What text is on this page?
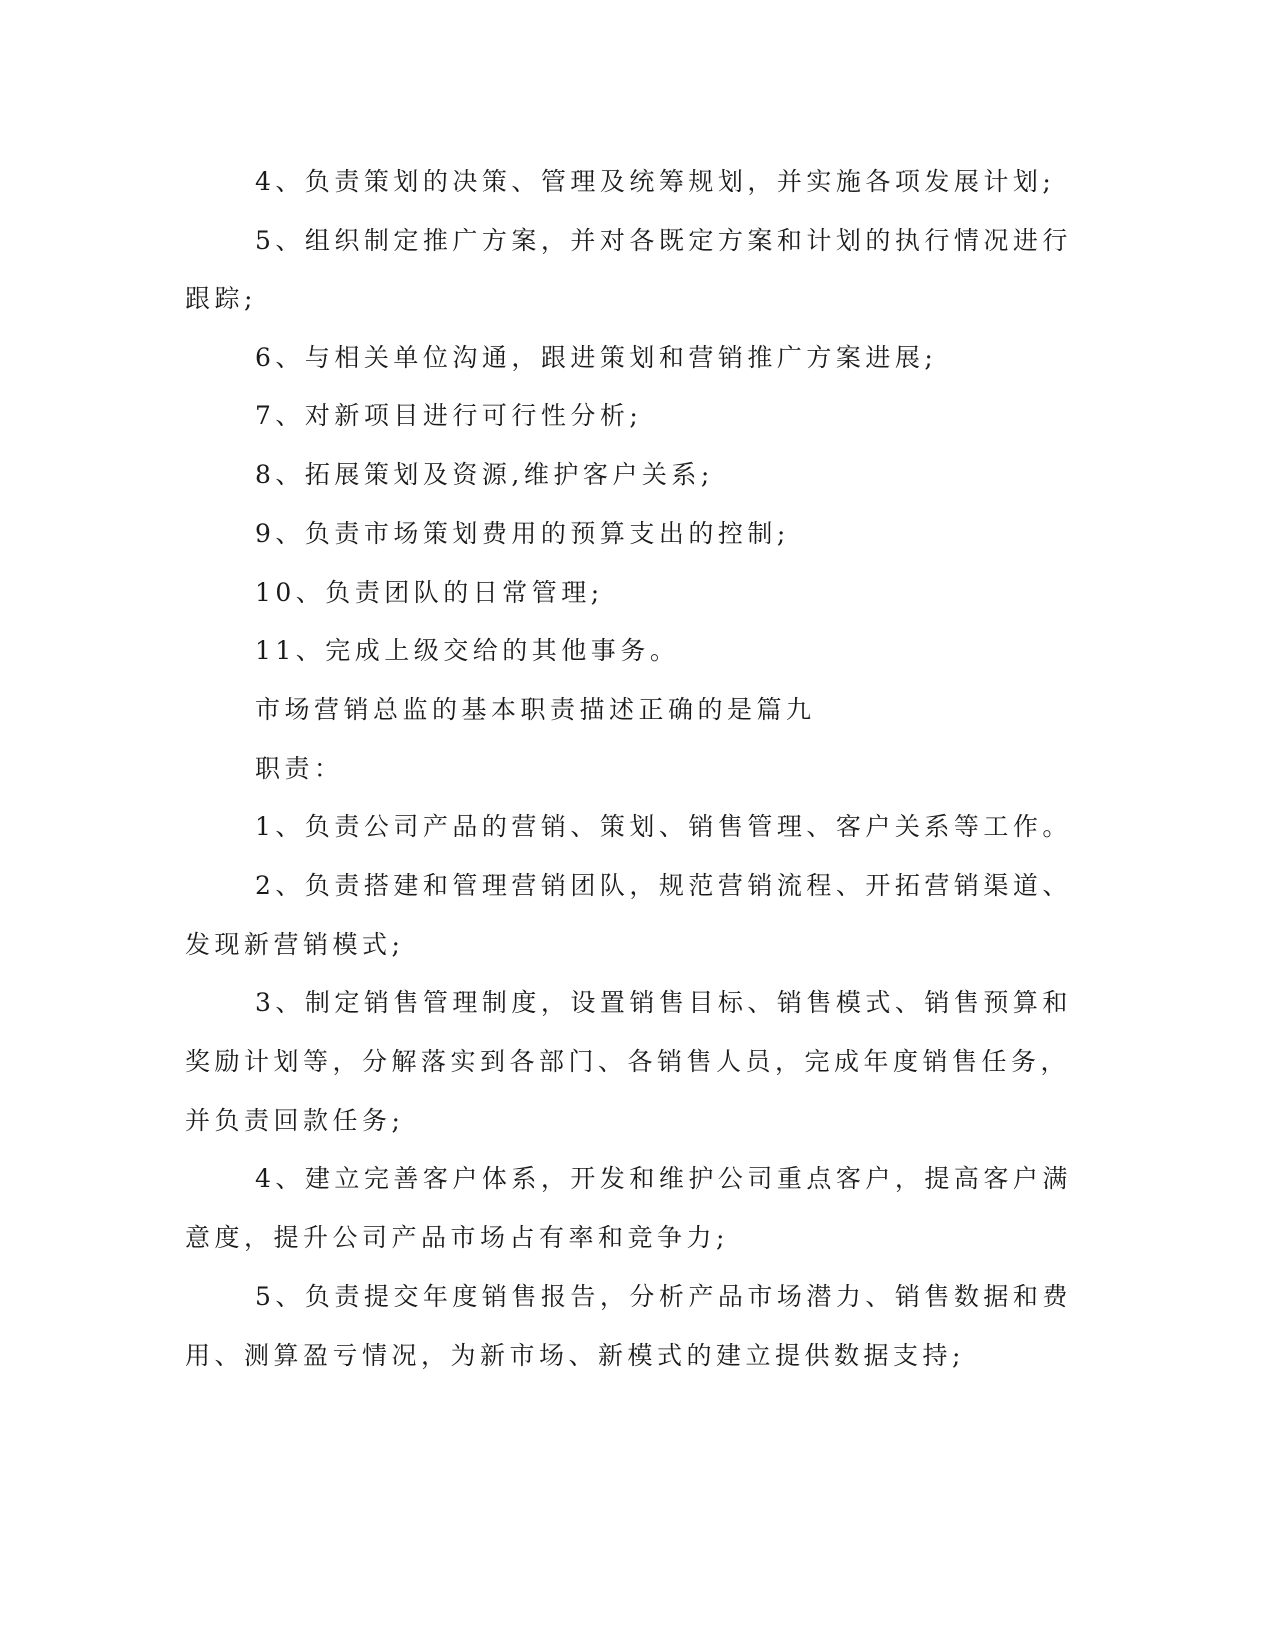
4、负责策划的决策、管理及统筹规划，并实施各项发展计划;
5、组织制定推广方案，并对各既定方案和计划的执行情况进行
跟踪;
6、与相关单位沟通，跟进策划和营销推广方案进展;
7、对新项目进行可行性分析;
8、拓展策划及资源,维护客户关系;
9、负责市场策划费用的预算支出的控制;
10、负责团队的日常管理;
11、完成上级交给的其他事务。
市场营销总监的基本职责描述正确的是篇九
职责：
1、负责公司产品的营销、策划、销售管理、客户关系等工作。
2、负责搭建和管理营销团队，规范营销流程、开拓营销渠道、
发现新营销模式;
3、制定销售管理制度，设置销售目标、销售模式、销售预算和
奖励计划等，分解落实到各部门、各销售人员，完成年度销售任务，
并负责回款任务;
4、建立完善客户体系，开发和维护公司重点客户，提高客户满
意度，提升公司产品市场占有率和竞争力;
5、负责提交年度销售报告，分析产品市场潜力、销售数据和费
用、测算盈亏情况，为新市场、新模式的建立提供数据支持;
